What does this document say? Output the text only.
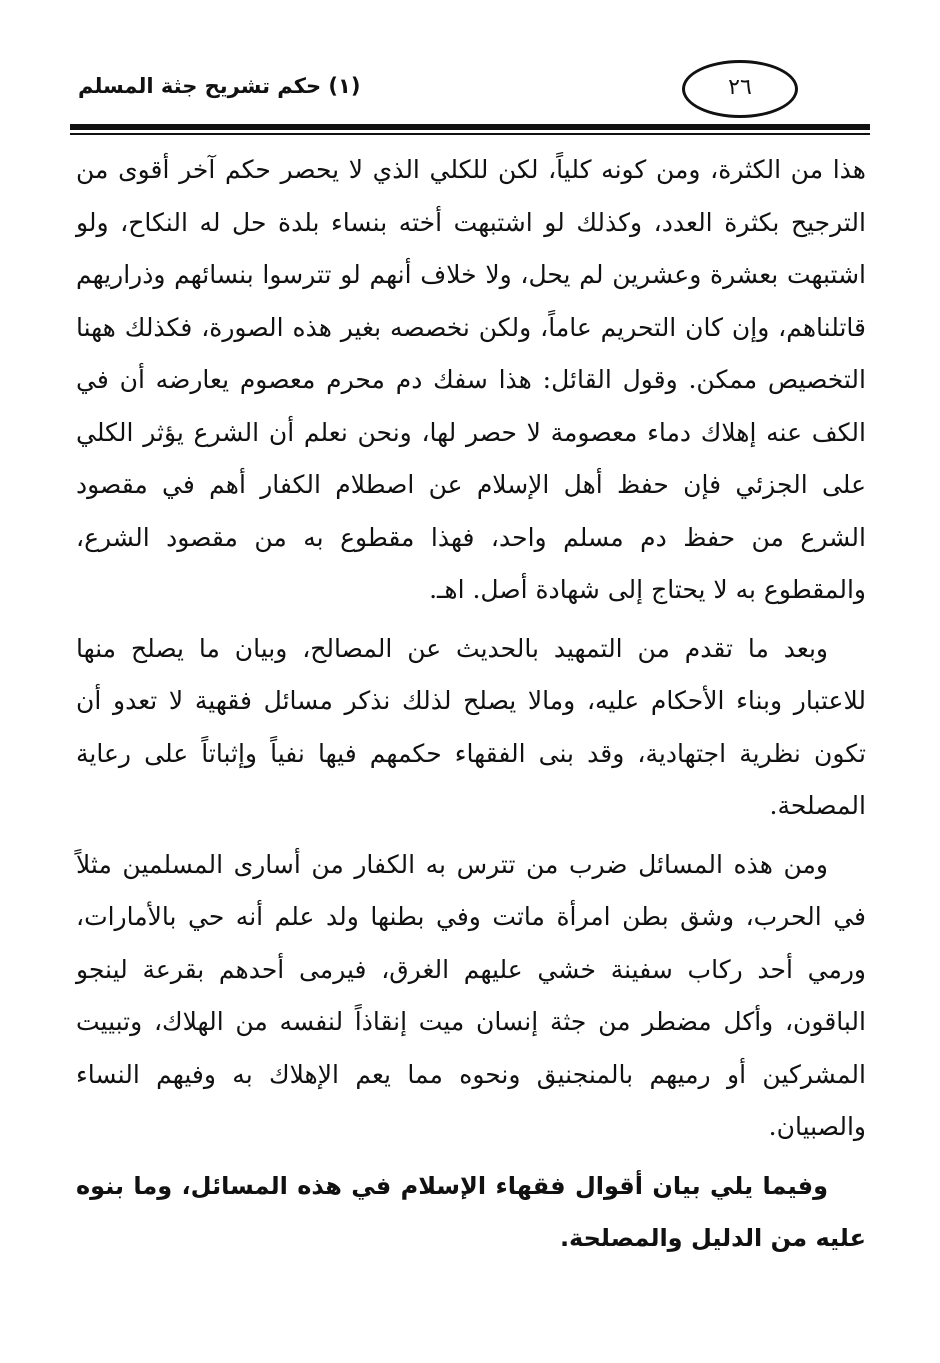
(١) حكم تشريح جثة المسلم	٢٦

هذا من الكثرة، ومن كونه كلياً، لكن للكلي الذي لا يحصر حكم آخر أقوى من الترجيح بكثرة العدد، وكذلك لو اشتبهت أخته بنساء بلدة حل له النكاح، ولو اشتبهت بعشرة وعشرين لم يحل، ولا خلاف أنهم لو تترسوا بنسائهم وذراريهم قاتلناهم، وإن كان التحريم عاماً، ولكن نخصصه بغير هذه الصورة، فكذلك ههنا التخصيص ممكن. وقول القائل: هذا سفك دم محرم معصوم يعارضه أن في الكف عنه إهلاك دماء معصومة لا حصر لها، ونحن نعلم أن الشرع يؤثر الكلي على الجزئي فإن حفظ أهل الإسلام عن اصطلام الكفار أهم في مقصود الشرع من حفظ دم مسلم واحد، فهذا مقطوع به من مقصود الشرع، والمقطوع به لا يحتاج إلى شهادة أصل. اهـ.

وبعد ما تقدم من التمهيد بالحديث عن المصالح، وبيان ما يصلح منها للاعتبار وبناء الأحكام عليه، ومالا يصلح لذلك نذكر مسائل فقهية لا تعدو أن تكون نظرية اجتهادية، وقد بنى الفقهاء حكمهم فيها نفياً وإثباتاً على رعاية المصلحة.

ومن هذه المسائل ضرب من تترس به الكفار من أسارى المسلمين مثلاً في الحرب، وشق بطن امرأة ماتت وفي بطنها ولد علم أنه حي بالأمارات، ورمي أحد ركاب سفينة خشي عليهم الغرق، فيرمى أحدهم بقرعة لينجو الباقون، وأكل مضطر من جثة إنسان ميت إنقاذاً لنفسه من الهلاك، وتبييت المشركين أو رميهم بالمنجنيق ونحوه مما يعم الإهلاك به وفيهم النساء والصبيان.

وفيما يلي بيان أقوال فقهاء الإسلام في هذه المسائل، وما بنوه عليه من الدليل والمصلحة.
